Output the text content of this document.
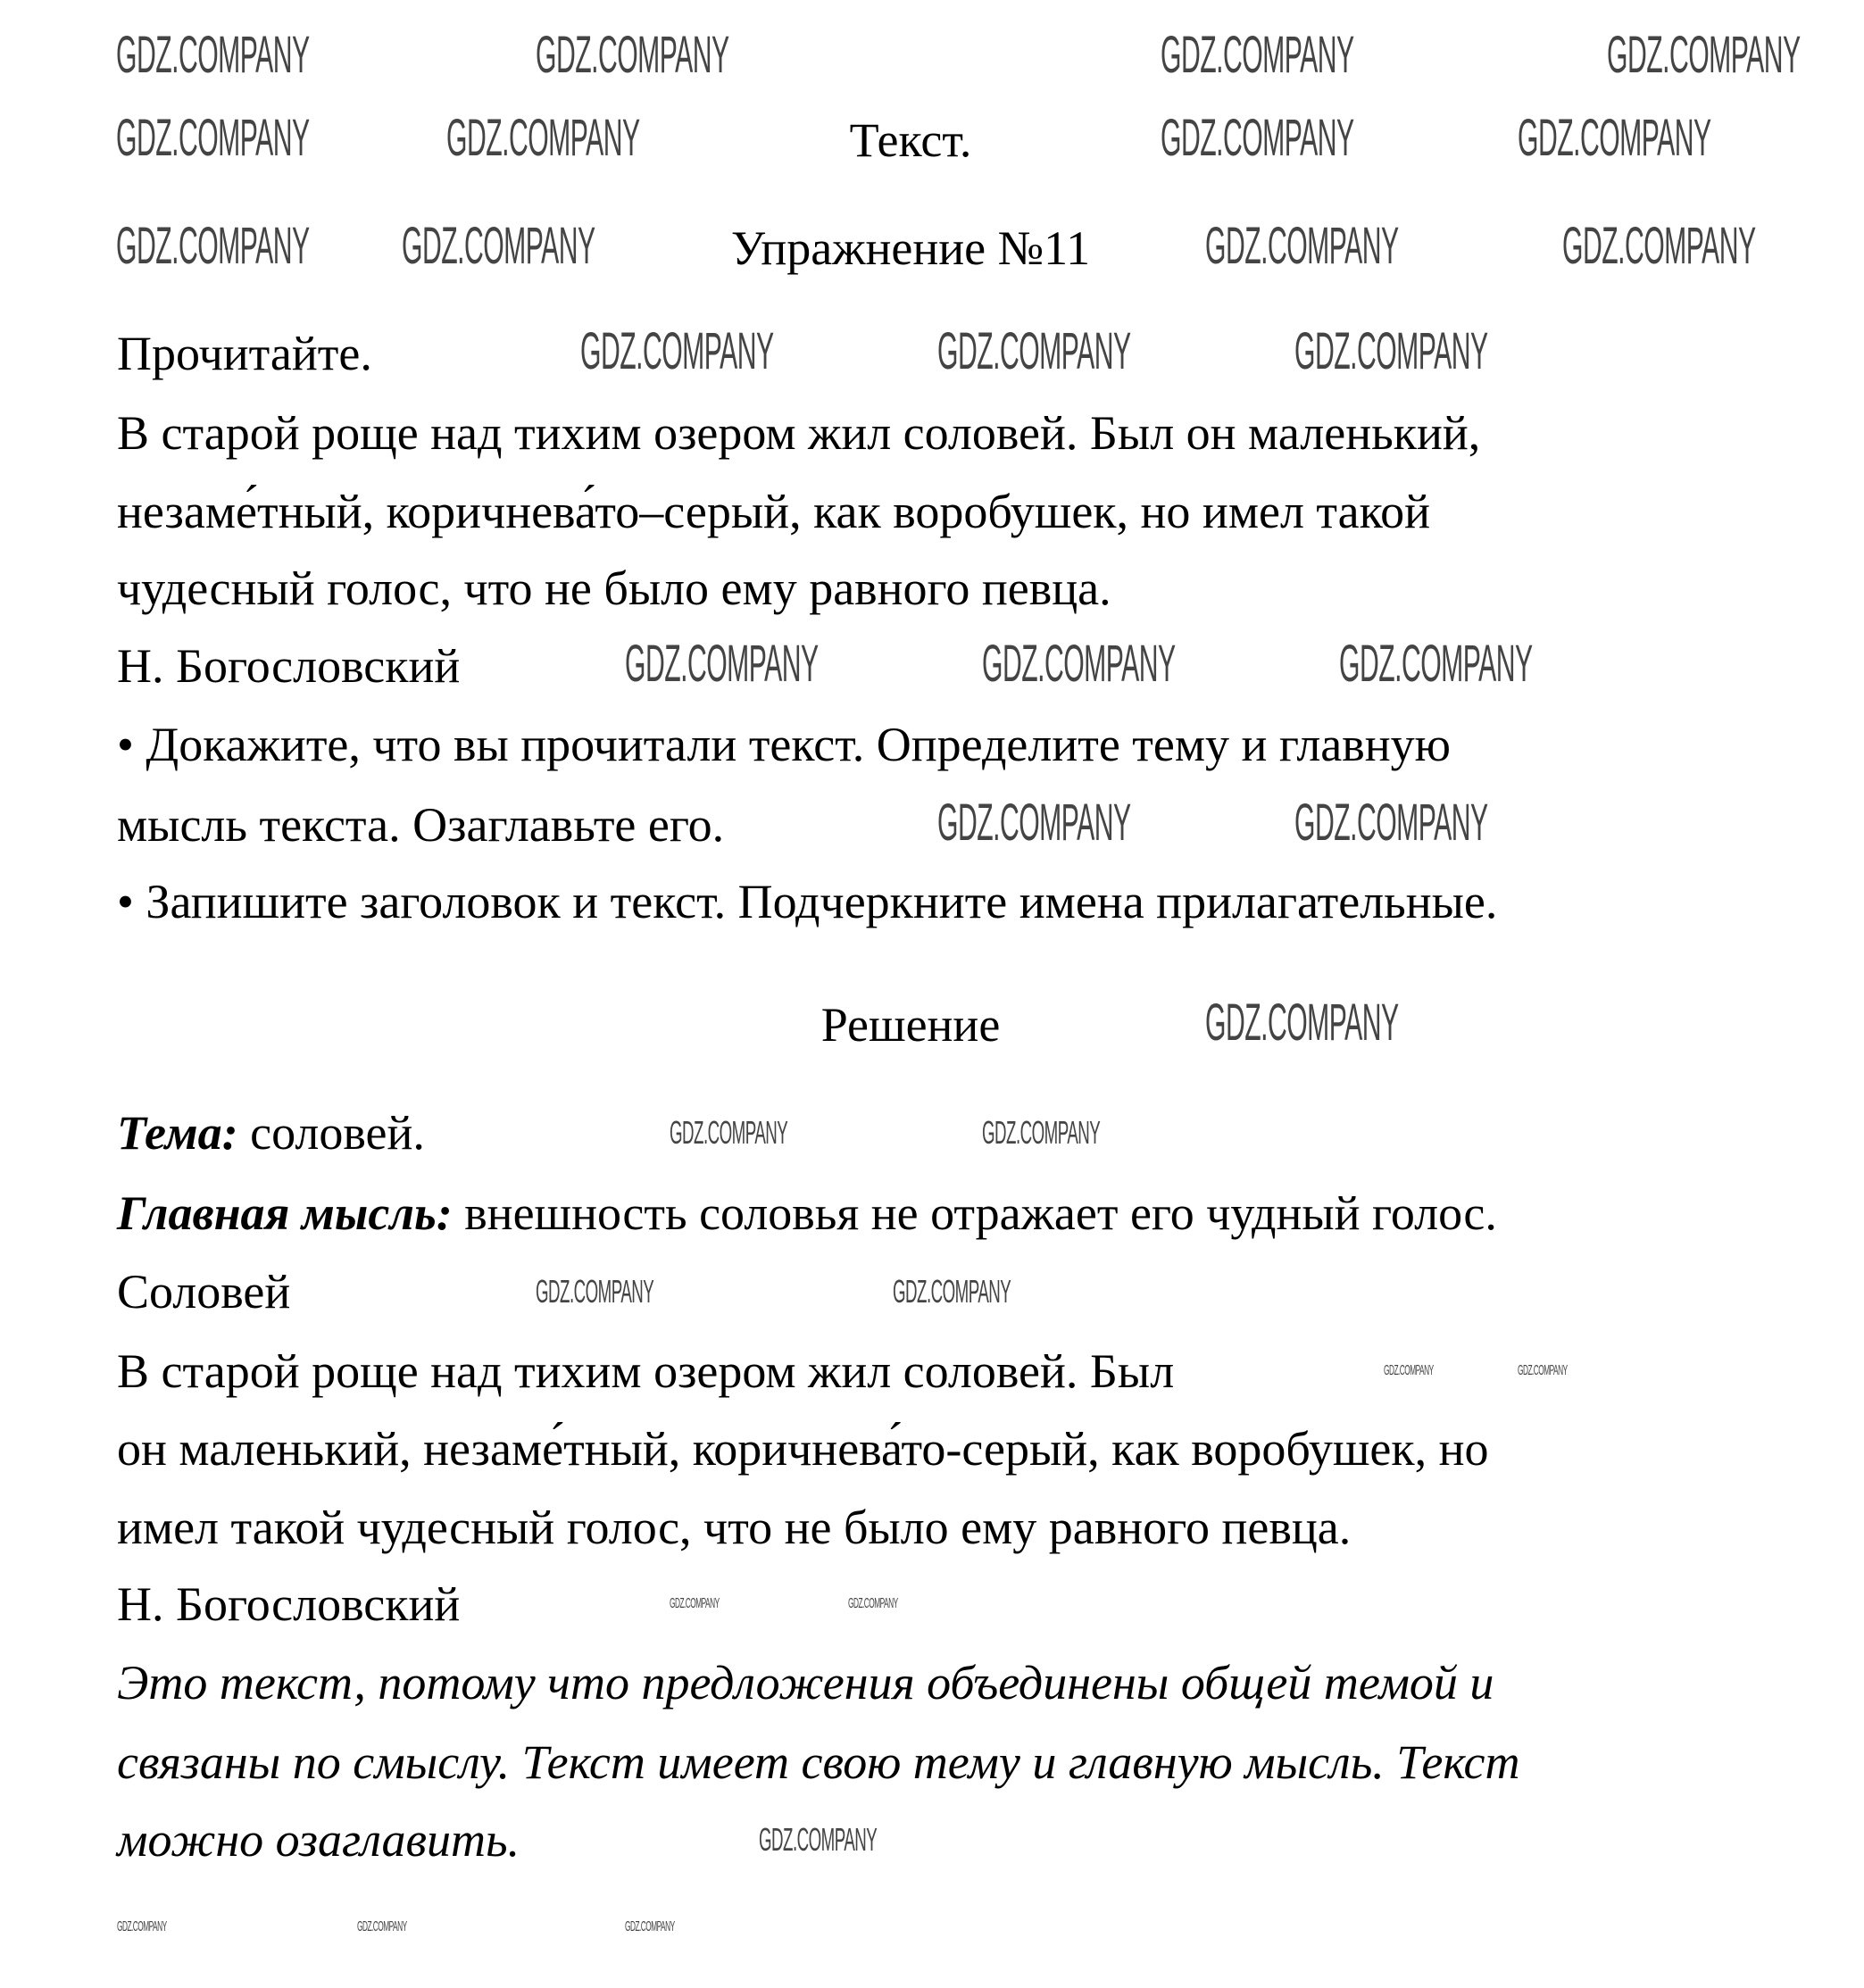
Текст.
Упражнение №11
Прочитайте.
В старой роще над тихим озером жил соловей. Был он маленький,
незаме́тный, коричнева́то–серый, как воробушек, но имел такой
чудесный голос, что не было ему равного певца.
Н. Богословский
• Докажите, что вы прочитали текст. Определите тему и главную
мысль текста. Озаглавьте его.
• Запишите заголовок и текст. Подчеркните имена прилагательные.
Решение
Тема: соловей.
Главная мысль: внешность соловья не отражает его чудный голос.
Соловей
В старой роще над тихим озером жил соловей. Был
он маленький, незаме́тный, коричнева́то-серый, как воробушек, но
имел такой чудесный голос, что не было ему равного певца.
Н. Богословский
Это текст, потому что предложения объединены общей темой и
связаны по смыслу. Текст имеет свою тему и главную мысль. Текст
можно озаглавить.
GDZ.COMPANY	GDZ.COMPANY	GDZ.COMPANY	GDZ.COMPANY
GDZ.COMPANY	GDZ.COMPANY	GDZ.COMPANY	GDZ.COMPANY
GDZ.COMPANY GDZ.COMPANY	GDZ.COMPANY	GDZ.COMPANY
GDZ.COMPANY	GDZ.COMPANY	GDZ.COMPANY
GDZ.COMPANY	GDZ.COMPANY	GDZ.COMPANY
GDZ.COMPANY	GDZ.COMPANY
GDZ.COMPANY
GDZ.COMPANY	GDZ.COMPANY
GDZ.COMPANY	GDZ.COMPANY
GDZ.COMPANY
GDZ.COMPANY	GDZ.COMPANY
GDZ.COMPANY	GDZ.COMPANY	GDZ.COMPANY
GDZ.COMPANY	GDZ.COMPANY
